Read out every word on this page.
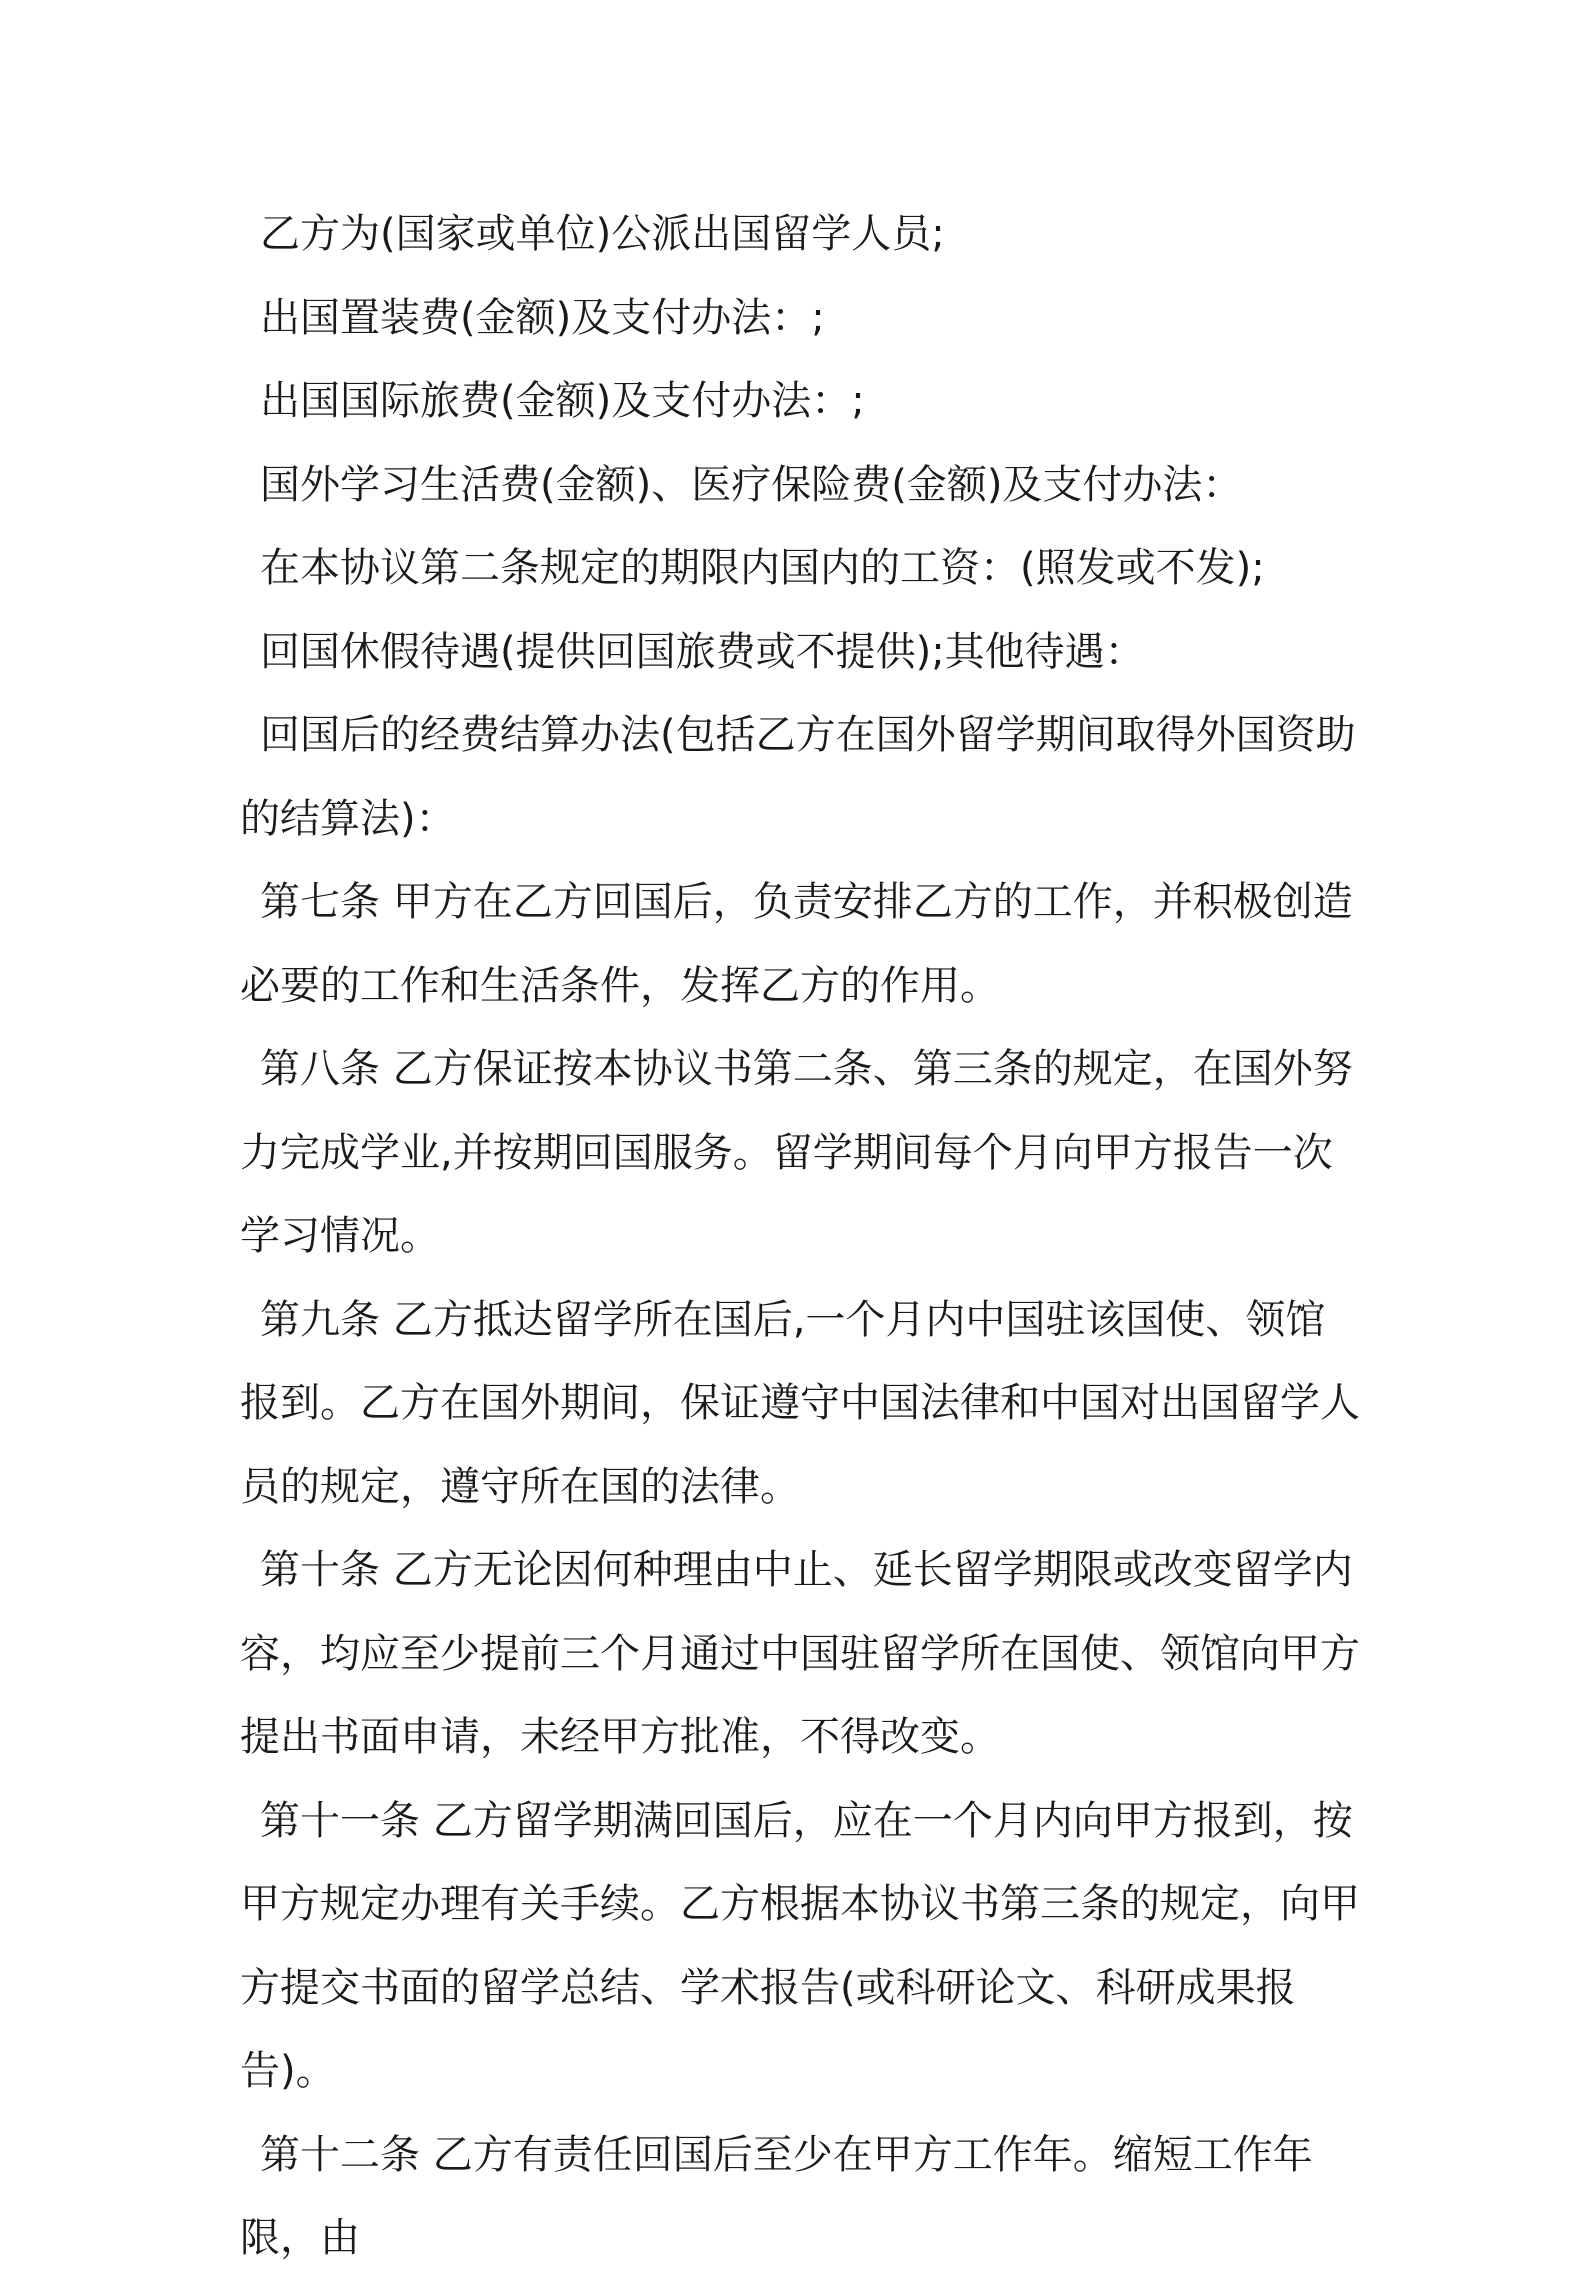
乙方为(国家或单位)公派出国留学人员;

出国置装费(金额)及支付办法：;

出国国际旅费(金额)及支付办法：;

国外学习生活费(金额)、医疗保险费(金额)及支付办法：

在本协议第二条规定的期限内国内的工资：(照发或不发);

回国休假待遇(提供回国旅费或不提供);其他待遇：

回国后的经费结算办法(包括乙方在国外留学期间取得外国资助的结算法)：

第七条 甲方在乙方回国后，负责安排乙方的工作，并积极创造必要的工作和生活条件，发挥乙方的作用。

第八条 乙方保证按本协议书第二条、第三条的规定，在国外努力完成学业,并按期回国服务。留学期间每个月向甲方报告一次学习情况。

第九条 乙方抵达留学所在国后,一个月内中国驻该国使、领馆报到。乙方在国外期间，保证遵守中国法律和中国对出国留学人员的规定，遵守所在国的法律。

第十条 乙方无论因何种理由中止、延长留学期限或改变留学内容，均应至少提前三个月通过中国驻留学所在国使、领馆向甲方提出书面申请，未经甲方批准，不得改变。

第十一条 乙方留学期满回国后，应在一个月内向甲方报到，按甲方规定办理有关手续。乙方根据本协议书第三条的规定，向甲方提交书面的留学总结、学术报告(或科研论文、科研成果报告)。

第十二条 乙方有责任回国后至少在甲方工作年。缩短工作年限，由
